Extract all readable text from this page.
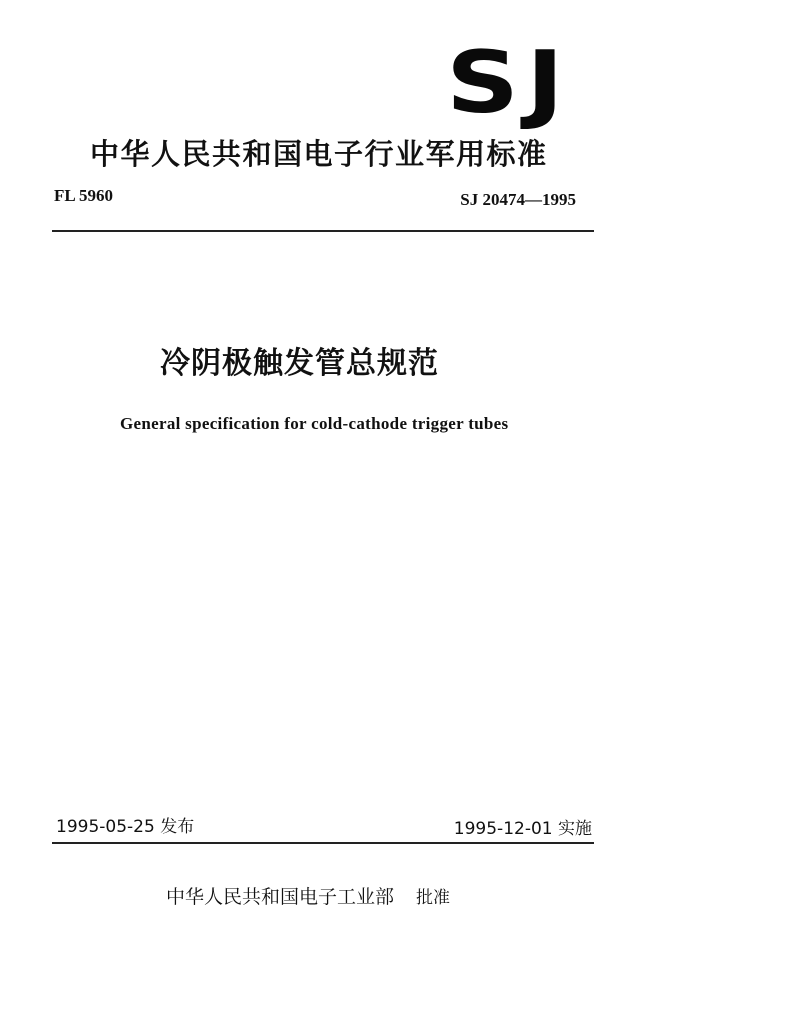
SJ
中华人民共和国电子行业军用标准
FL 5960	SJ 20474—1995
冷阴极触发管总规范
General specification for cold-cathode trigger tubes
1995-05-25 发布	1995-12-01 实施
中华人民共和国电子工业部 批准
